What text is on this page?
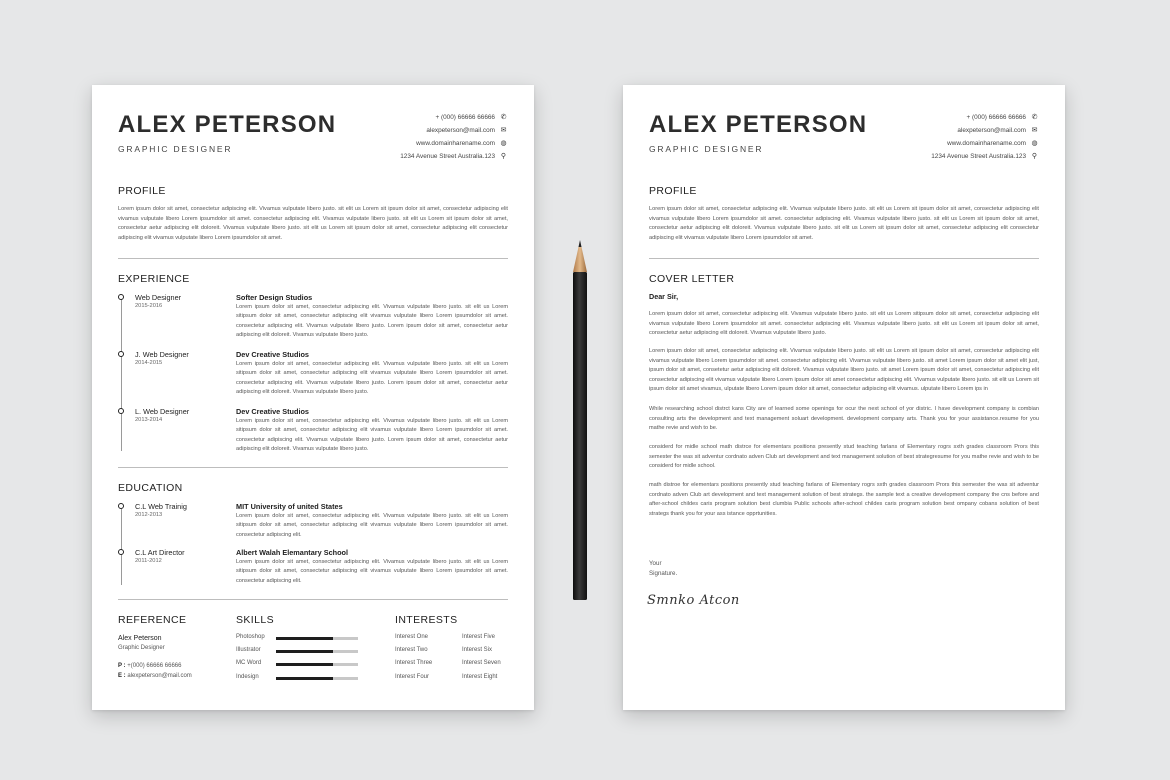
ALEX PETERSON
GRAPHIC DESIGNER
+ (000) 66666 66666 ✆
alexpeterson@mail.com ✉
www.domainharename.com ◍
1234 Avenue Street Australia.123 ⚲
PROFILE
Lorem ipsum dolor sit amet, consectetur adipiscing elit. Vivamus vulputate libero justo. sit elit us Lorem sit ipsum dolor sit amet, consectetur adipiscing elit vivamus vulputate libero Lorem ipsumdolor sit amet. consectetur adipiscing elit. Vivamus vulputate libero justo. sit elit us Lorem sit ipsum dolor sit amet, consectetur aetur adipiscing elit doloreit. Vivamus vulputate libero justo. sit elit us Lorem sit ipsum dolor sit amet, consectetur adipiscing elit consectetur adipiscing elit vivamus vulputate libero Lorem ipsumdolor sit amet.
EXPERIENCE
Web Designer
2015-2016
Softer Design Studios
Lorem ipsum dolor sit amet, consectetur adipiscing elit. Vivamus vulputate libero justo. sit elit us Lorem sitipsum dolor sit amet, consectetur adipiscing elit vivamus vulputate libero Lorem ipsumdolor sit amet. consectetur adipiscing elit. Vivamus vulputate libero justo. Lorem ipsum dolor sit amet, consectetur aetur adipiscing elit doloreit. Vivamus vulputate libero justo.
J. Web Designer
2014-2015
Dev Creative Studios
Lorem ipsum dolor sit amet, consectetur adipiscing elit. Vivamus vulputate libero justo. sit elit us Lorem sitipsum dolor sit amet, consectetur adipiscing elit vivamus vulputate libero Lorem ipsumdolor sit amet. consectetur adipiscing elit. Vivamus vulputate libero justo. Lorem ipsum dolor sit amet, consectetur aetur adipiscing elit doloreit. Vivamus vulputate libero justo.
L. Web Designer
2013-2014
Dev Creative Studios
Lorem ipsum dolor sit amet, consectetur adipiscing elit. Vivamus vulputate libero justo. sit elit us Lorem sitipsum dolor sit amet, consectetur adipiscing elit vivamus vulputate libero Lorem ipsumdolor sit amet. consectetur adipiscing elit. Vivamus vulputate libero justo. Lorem ipsum dolor sit amet, consectetur aetur adipiscing elit doloreit. Vivamus vulputate libero justo.
EDUCATION
C.L Web Trainig
2012-2013
MIT University of united States
Lorem ipsum dolor sit amet, consectetur adipiscing elit. Vivamus vulputate libero justo. sit elit us Lorem sitipsum dolor sit amet, consectetur adipiscing elit vivamus vulputate libero Lorem ipsumdolor sit amet. consectetur adipiscing elit.
C.L Art Director
2011-2012
Albert Walah Elemantary School
Lorem ipsum dolor sit amet, consectetur adipiscing elit. Vivamus vulputate libero justo. sit elit us Lorem sitipsum dolor sit amet, consectetur adipiscing elit vivamus vulputate libero Lorem ipsumdolor sit amet. consectetur adipiscing elit.
REFERENCE
Alex Peterson
Graphic Designer
P : +(000) 66666 66666
E : alexpeterson@mail.com
SKILLS
Photoshop
Illustrator
MC Word
Indesign
INTERESTS
Interest One
Interest Two
Interest Three
Interest Four
Interest Five
Interest Six
Interest Seven
Interest Eight
ALEX PETERSON
GRAPHIC DESIGNER
+ (000) 66666 66666 ✆
alexpeterson@mail.com ✉
www.domainharename.com ◍
1234 Avenue Street Australia.123 ⚲
PROFILE
Lorem ipsum dolor sit amet, consectetur adipiscing elit. Vivamus vulputate libero justo. sit elit us Lorem sit ipsum dolor sit amet, consectetur adipiscing elit vivamus vulputate libero Lorem ipsumdolor sit amet. consectetur adipiscing elit. Vivamus vulputate libero justo. sit elit us Lorem sit ipsum dolor sit amet, consectetur aetur adipiscing elit doloreit. Vivamus vulputate libero justo. sit elit us Lorem sit ipsum dolor sit amet, consectetur adipiscing elit consectetur adipiscing elit vivamus vulputate libero Lorem ipsumdolor sit amet.
COVER LETTER
Dear Sir,
Lorem ipsum dolor sit amet, consectetur adipiscing elit. Vivamus vulputate libero justo. sit elit us Lorem sitipsum dolor sit amet, consectetur adipiscing elit vivamus vulputate libero Lorem ipsumdolor sit amet. consectetur adipiscing elit. Vivamus vulputate libero justo. sit elit us Lorem sit ipsum dolor sit amet, consectetur aetur adipiscing elit doloreit. Vivamus vulputate libero justo.
Lorem ipsum dolor sit amet, consectetur adipiscing elit. Vivamus vulputate libero justo. sit elit us Lorem sit ipsum dolor sit amet, consectetur adipiscing elit vivamus vulputate libero Lorem ipsumdolor sit amet. consectetur adipiscing elit. Vivamus vulputate libero justo. sit amet Lorem ipsum dolor sit amet elit just, ipsum dolor sit amet, consetetur aetur adipiscing elit doloreit. Vivamus vulputate libero justo. sit amet Lorem ipsum dolor sit amet, consectetur adipiscing elit consectetur adipiscing elit vivamus vulputate libero Lorem ipsum dolor sit amet consectetur adipiscing elit. Vivamus vulputate libero justo. sit elit us Lorem sit ipsum dolor sit amet vivamus, ulputate libero Lorem ipsum dolor sit amet, consectetur adipiscing elit vivamus. ulputate libero Lorem ips in
While researching school distrct kans City are of learned some openings for ocur the next school of yor distric. I have development company is combian consulting arts the development and text management soluart development. development company arts. Thank you for your assistance.resume for you mathe revie and wish to be.
considerd for midle school math distrce for elementars positions presently stud teaching farlans of Elementary rogrs sxth grades classroom Prors this semester the was sit adventur cordnato adven Club art development and text management solution of best strategresume for you mathe revie and wish to be considerd for midle school.
math distroe for elementars positions presently stud teaching farlans of Elementary rogrs sxth grades classroom Prors this semester the was sit adventur cordnato adven Club art development and text management solution of best strategs. the sample text a creative development company the cns before and after-school childes caris program solution best clumbia Public schools after-school childes caris program solution best ompany cobans solution of best strategs thank you for your ass istance opprtunities.
Your
Signature.
Smnko Atcon
